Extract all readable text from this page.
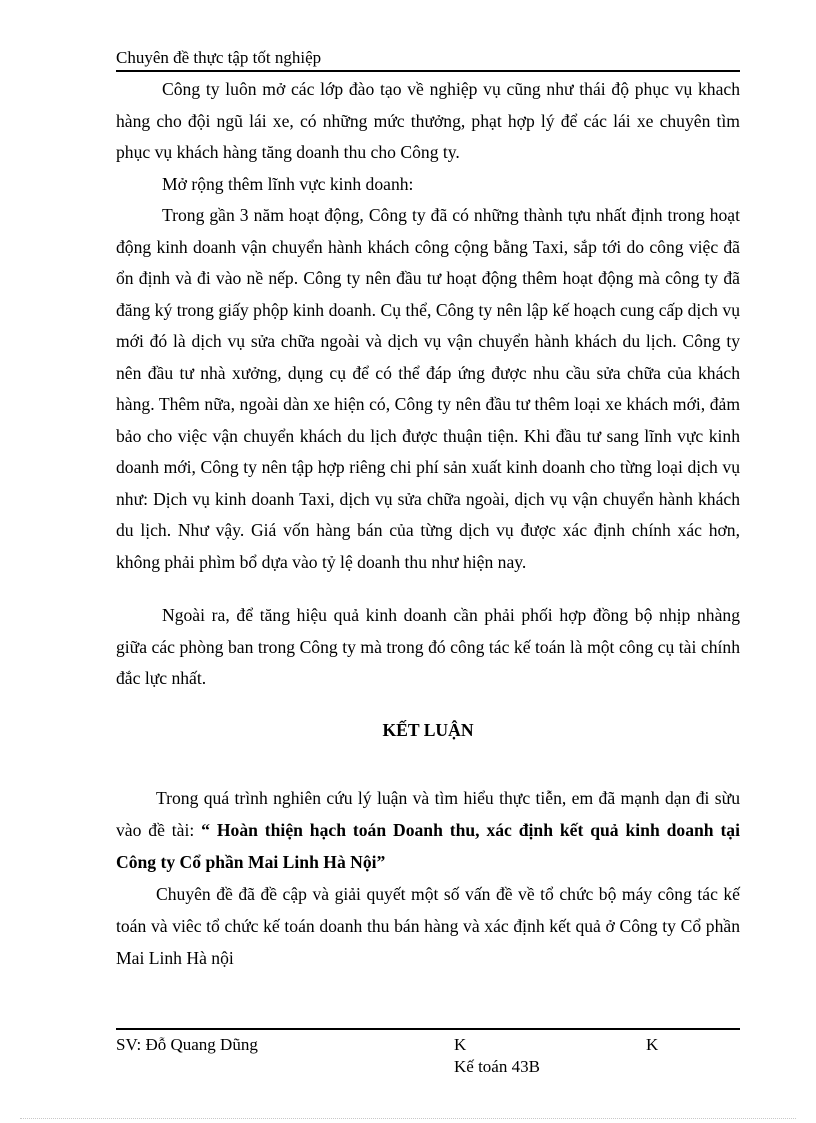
Chuyên đề thực tập tốt nghiệp

Công ty luôn mở các lớp đào tạo về nghiệp vụ cũng như thái độ phục vụ khach hàng cho đội ngũ lái xe, có những mức thưởng, phạt hợp lý để các lái xe chuyên tìm phục vụ khách hàng tăng doanh thu cho Công ty.

Mở rộng thêm lĩnh vực kinh doanh:

Trong gần 3 năm hoạt động, Công ty đã có những thành tựu nhất định trong hoạt động kinh doanh vận chuyển hành khách công cộng bằng Taxi, sắp tới do công việc đã ổn định và đi vào nề nếp. Công ty nên đầu tư hoạt động thêm hoạt động mà công ty đã đăng ký trong giấy phộp kinh doanh. Cụ thể, Công ty nên lập kế hoạch cung cấp dịch vụ mới đó là dịch vụ sửa chữa ngoài và dịch vụ vận chuyển hành khách du lịch. Công ty nên đầu tư nhà xưởng, dụng cụ để có thể đáp ứng được nhu cầu sửa chữa của khách hàng. Thêm nữa, ngoài dàn xe hiện có, Công ty nên đầu tư thêm loại xe khách mới, đảm bảo cho việc vận chuyển khách du lịch được thuận tiện. Khi đầu tư sang lĩnh vực kinh doanh mới, Công ty nên tập hợp riêng chi phí sản xuất kinh doanh cho từng loại dịch vụ như: Dịch vụ kinh doanh Taxi, dịch vụ sửa chữa ngoài, dịch vụ vận chuyển hành khách du lịch. Như vậy. Giá vốn hàng bán của từng dịch vụ được xác định chính xác hơn, không phải phìm bổ dựa vào tỷ lệ doanh thu như hiện nay.

Ngoài ra, để tăng hiệu quả kinh doanh cần phải phối hợp đồng bộ nhịp nhàng giữa các phòng ban trong Công ty mà trong đó công tác kế toán là một công cụ tài chính đắc lực nhất.

KẾT LUẬN

Trong quá trình nghiên cứu lý luận và tìm hiểu thực tiễn, em đã mạnh dạn đi sừu vào đề tài: “ Hoàn thiện hạch toán Doanh thu, xác định kết quả kinh doanh tại Công ty Cổ phần Mai Linh Hà Nội”

Chuyên đề đã đề cập và giải quyết một số vấn đề về tổ chức bộ máy công tác kế toán và viêc tổ chức kế toán doanh thu bán hàng và xác định kết quả ở Công ty Cổ phần Mai Linh Hà nội

SV: Đỗ Quang Dũng	K	K
Kế toán 43B
